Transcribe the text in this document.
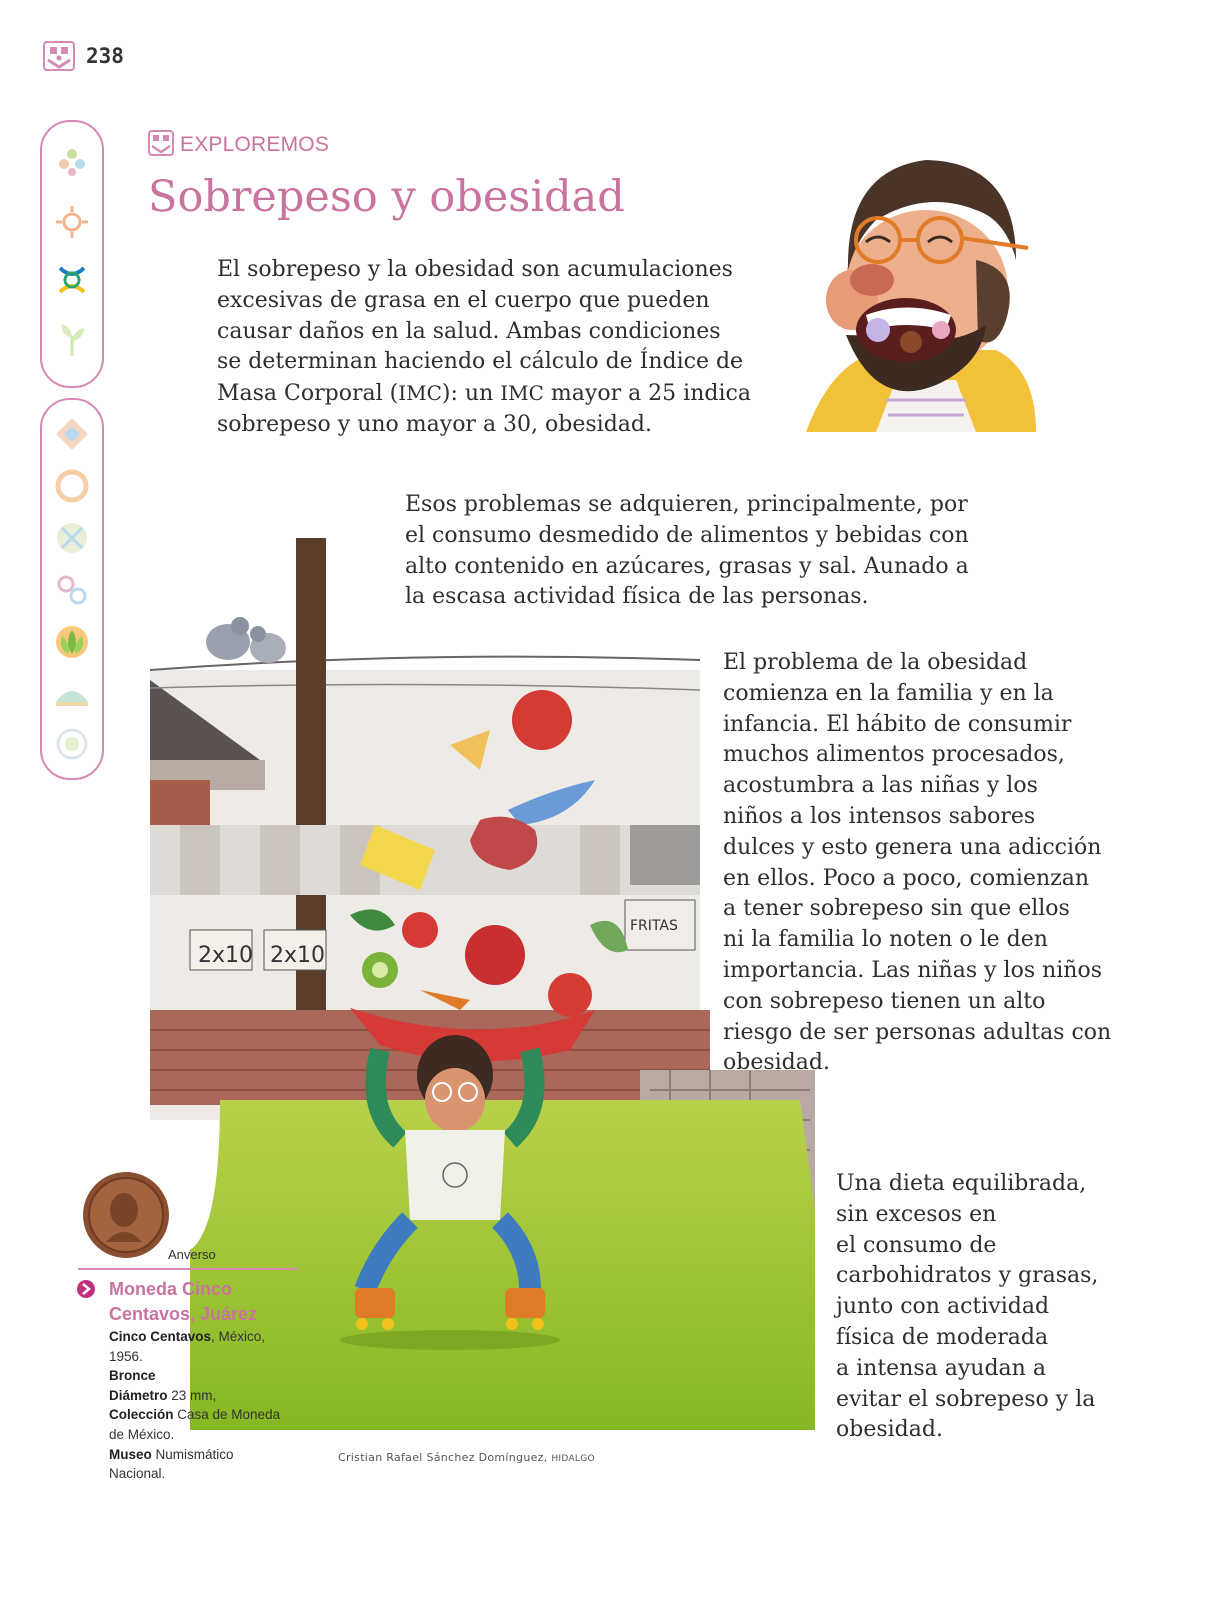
238
EXPLOREMOS
Sobrepeso y obesidad
El sobrepeso y la obesidad son acumulaciones
excesivas de grasa en el cuerpo que pueden
causar daños en la salud. Ambas condiciones
se determinan haciendo el cálculo de Índice de
Masa Corporal (IMC): un IMC mayor a 25 indica
sobrepeso y uno mayor a 30, obesidad.
Esos problemas se adquieren, principalmente, por
el consumo desmedido de alimentos y bebidas con
alto contenido en azúcares, grasas y sal. Aunado a
la escasa actividad física de las personas.
2x10 2x10
FRITAS
El problema de la obesidad
comienza en la familia y en la
infancia. El hábito de consumir
muchos alimentos procesados,
acostumbra a las niñas y los
niños a los intensos sabores
dulces y esto genera una adicción
en ellos. Poco a poco, comienzan
a tener sobrepeso sin que ellos
ni la familia lo noten o le den
importancia. Las niñas y los niños
con sobrepeso tienen un alto
riesgo de ser personas adultas con
obesidad.
Una dieta equilibrada,
sin excesos en
el consumo de
carbohidratos y grasas,
junto con actividad
física de moderada
a intensa ayudan a
evitar el sobrepeso y la
obesidad.
Cristian Rafael Sánchez Domínguez, HIDALGO
Anverso
Moneda Cinco
Centavos, Juárez
Cinco Centavos, México,
1956.
Bronce
Diámetro 23 mm,
Colección Casa de Moneda
de México.
Museo Numismático
Nacional.
